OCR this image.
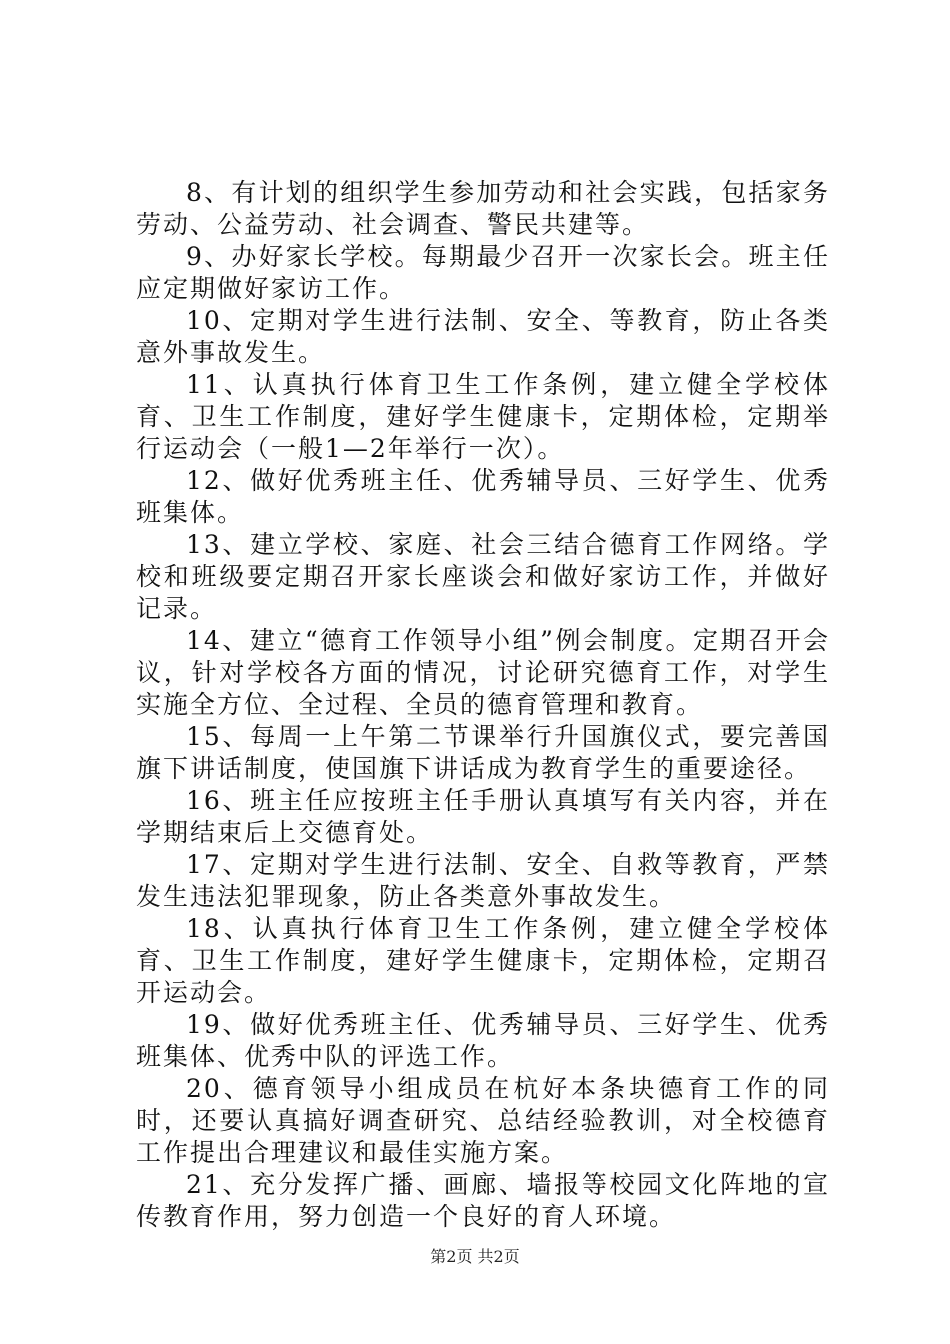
8、有计划的组织学生参加劳动和社会实践，包括家务劳动、公益劳动、社会调查、警民共建等。

9、办好家长学校。每期最少召开一次家长会。班主任应定期做好家访工作。

10、定期对学生进行法制、安全、等教育，防止各类意外事故发生。

11、认真执行体育卫生工作条例，建立健全学校体育、卫生工作制度，建好学生健康卡，定期体检，定期举行运动会（一般1—2年举行一次）。

12、做好优秀班主任、优秀辅导员、三好学生、优秀班集体。

13、建立学校、家庭、社会三结合德育工作网络。学校和班级要定期召开家长座谈会和做好家访工作，并做好记录。

14、建立“德育工作领导小组”例会制度。定期召开会议，针对学校各方面的情况，讨论研究德育工作，对学生实施全方位、全过程、全员的德育管理和教育。

15、每周一上午第二节课举行升国旗仪式，要完善国旗下讲话制度，使国旗下讲话成为教育学生的重要途径。

16、班主任应按班主任手册认真填写有关内容，并在学期结束后上交德育处。

17、定期对学生进行法制、安全、自救等教育，严禁发生违法犯罪现象，防止各类意外事故发生。

18、认真执行体育卫生工作条例，建立健全学校体育、卫生工作制度，建好学生健康卡，定期体检，定期召开运动会。

19、做好优秀班主任、优秀辅导员、三好学生、优秀班集体、优秀中队的评选工作。

20、德育领导小组成员在杭好本条块德育工作的同时，还要认真搞好调查研究、总结经验教训，对全校德育工作提出合理建议和最佳实施方案。

21、充分发挥广播、画廊、墙报等校园文化阵地的宣传教育作用，努力创造一个良好的育人环境。

第2页 共2页
